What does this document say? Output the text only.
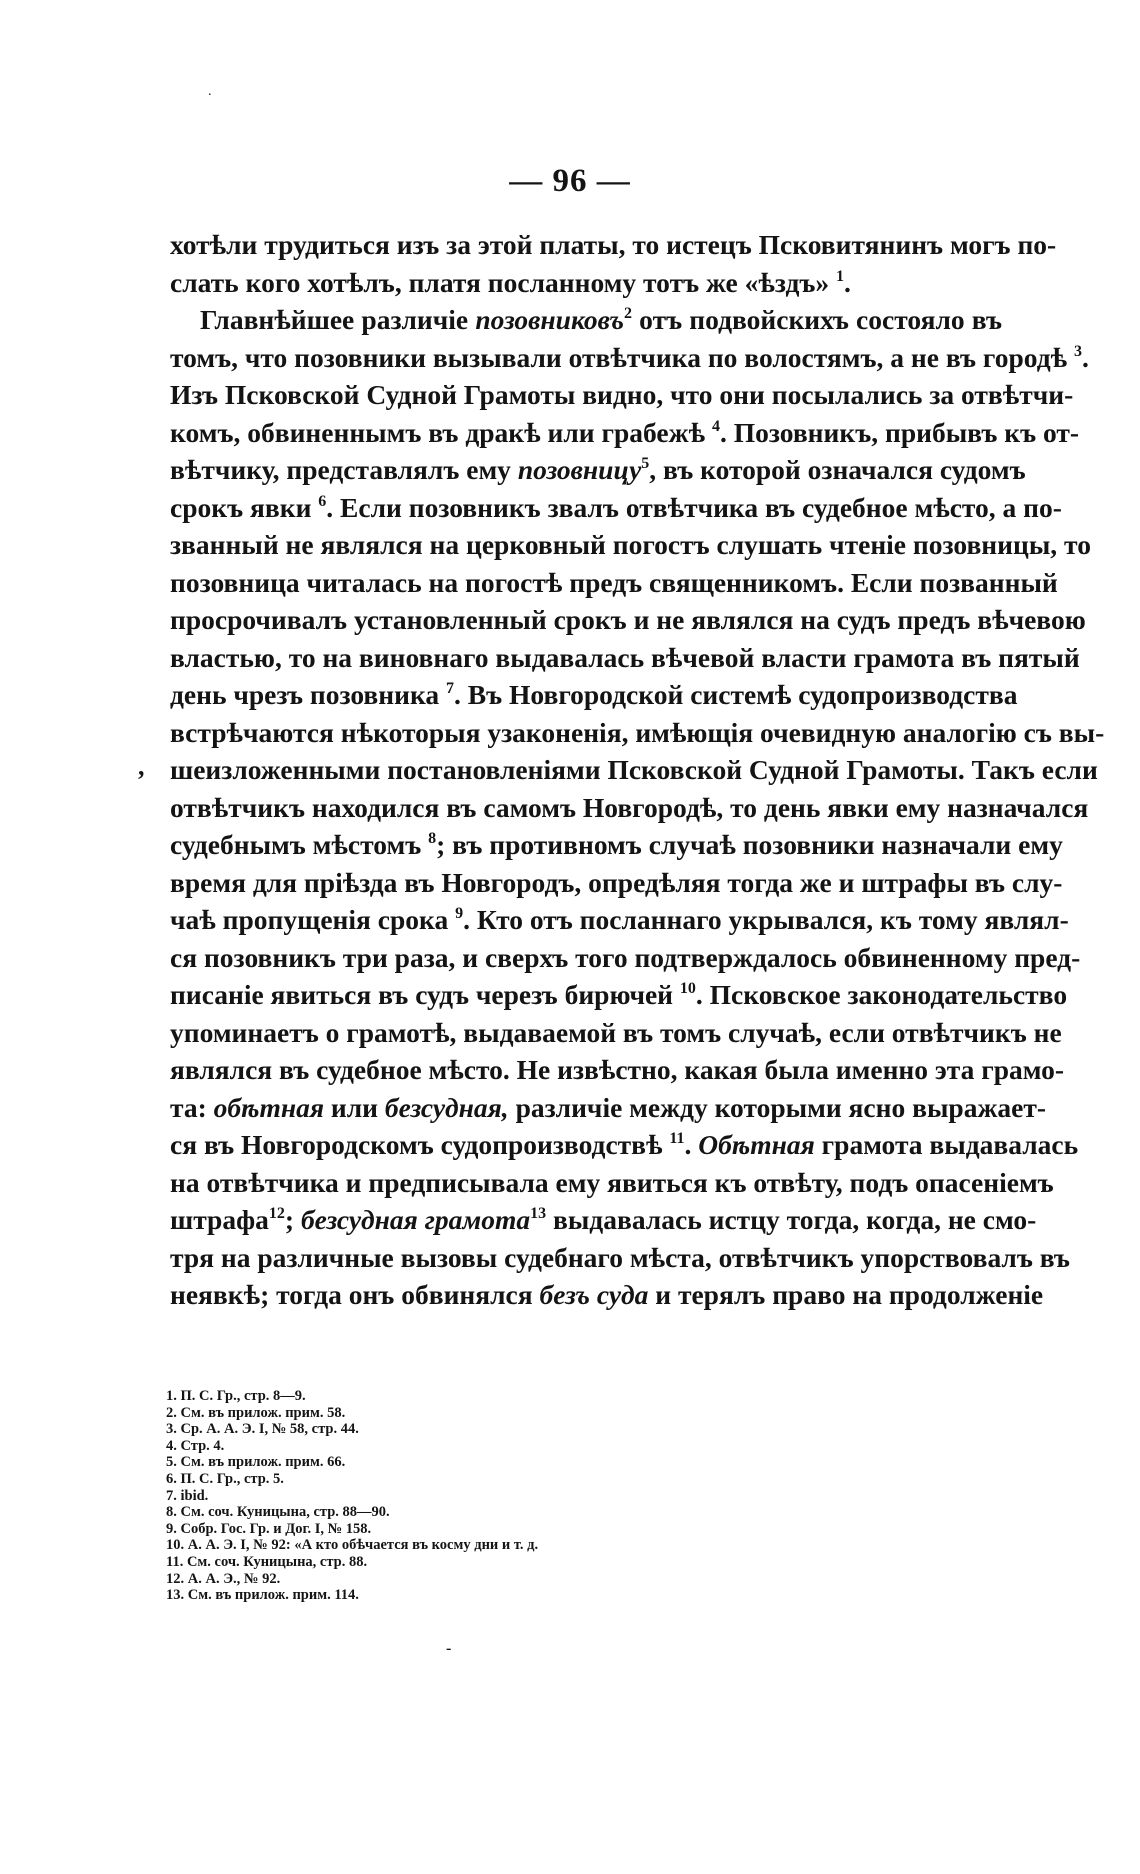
.
— 96 —
,
хотѣли трудиться изъ за этой платы, то истецъ Псковитянинъ могъ по-
слать кого хотѣлъ, платя посланному тотъ же «ѣздъ» $^1$.
Главнѣйшее различіе позовниковъ$^2$ отъ подвойскихъ состояло въ
томъ, что позовники вызывали отвѣтчика по волостямъ, а не въ городѣ $^3$.
Изъ Псковской Судной Грамоты видно, что они посылались за отвѣтчи-
комъ, обвиненнымъ въ дракѣ или грабежѣ $^4$. Позовникъ, прибывъ къ от-
вѣтчику, представлялъ ему позовницу$^5$, въ которой означался судомъ
срокъ явки $^6$. Если позовникъ звалъ отвѣтчика въ судебное мѣсто, а по-
званный не являлся на церковный погостъ слушать чтеніе позовницы, то
позовница читалась на погостѣ предъ священникомъ. Если позванный
просрочивалъ установленный срокъ и не являлся на судъ предъ вѣчевою
властью, то на виновнаго выдавалась вѣчевой власти грамота въ пятый
день чрезъ позовника $^7$. Въ Новгородской системѣ судопроизводства
встрѣчаются нѣкоторыя узаконенія, имѣющія очевидную аналогію съ вы-
шеизложенными постановленіями Псковской Судной Грамоты. Такъ если
отвѣтчикъ находился въ самомъ Новгородѣ, то день явки ему назначался
судебнымъ мѣстомъ $^8$; въ противномъ случаѣ позовники назначали ему
время для пріѣзда въ Новгородъ, опредѣляя тогда же и штрафы въ слу-
чаѣ пропущенія срока $^9$. Кто отъ посланнаго укрывался, къ тому являл-
ся позовникъ три раза, и сверхъ того подтверждалось обвиненному пред-
писаніе явиться въ судъ черезъ бирючей $^{10}$. Псковское законодательство
упоминаетъ о грамотѣ, выдаваемой въ томъ случаѣ, если отвѣтчикъ не
являлся въ судебное мѣсто. Не извѣстно, какая была именно эта грамо-
та: обѣтная или безсудная, различіе между которыми ясно выражает-
ся въ Новгородскомъ судопроизводствѣ $^{11}$. Обѣтная грамота выдавалась
на отвѣтчика и предписывала ему явиться къ отвѣту, подъ опасеніемъ
штрафа$^{12}$; безсудная грамота$^{13}$ выдавалась истцу тогда, когда, не смо-
тря на различные вызовы судебнаго мѣста, отвѣтчикъ упорствовалъ въ
неявкѣ; тогда онъ обвинялся безъ суда и терялъ право на продолженіе
1. П. С. Гр., стр. 8—9.
2. См. въ прилож. прим. 58.
3. Ср. А. А. Э. I, № 58, стр. 44.
4. Стр. 4.
5. См. въ прилож. прим. 66.
6. П. С. Гр., стр. 5.
7. ibid.
8. См. соч. Куницына, стр. 88—90.
9. Собр. Гос. Гр. и Дог. I, № 158.
10. А. А. Э. I, № 92: «А кто обѣчается въ косму дни и т. д.
11. См. соч. Куницына, стр. 88.
12. А. А. Э., № 92.
13. См. въ прилож. прим. 114.
-
